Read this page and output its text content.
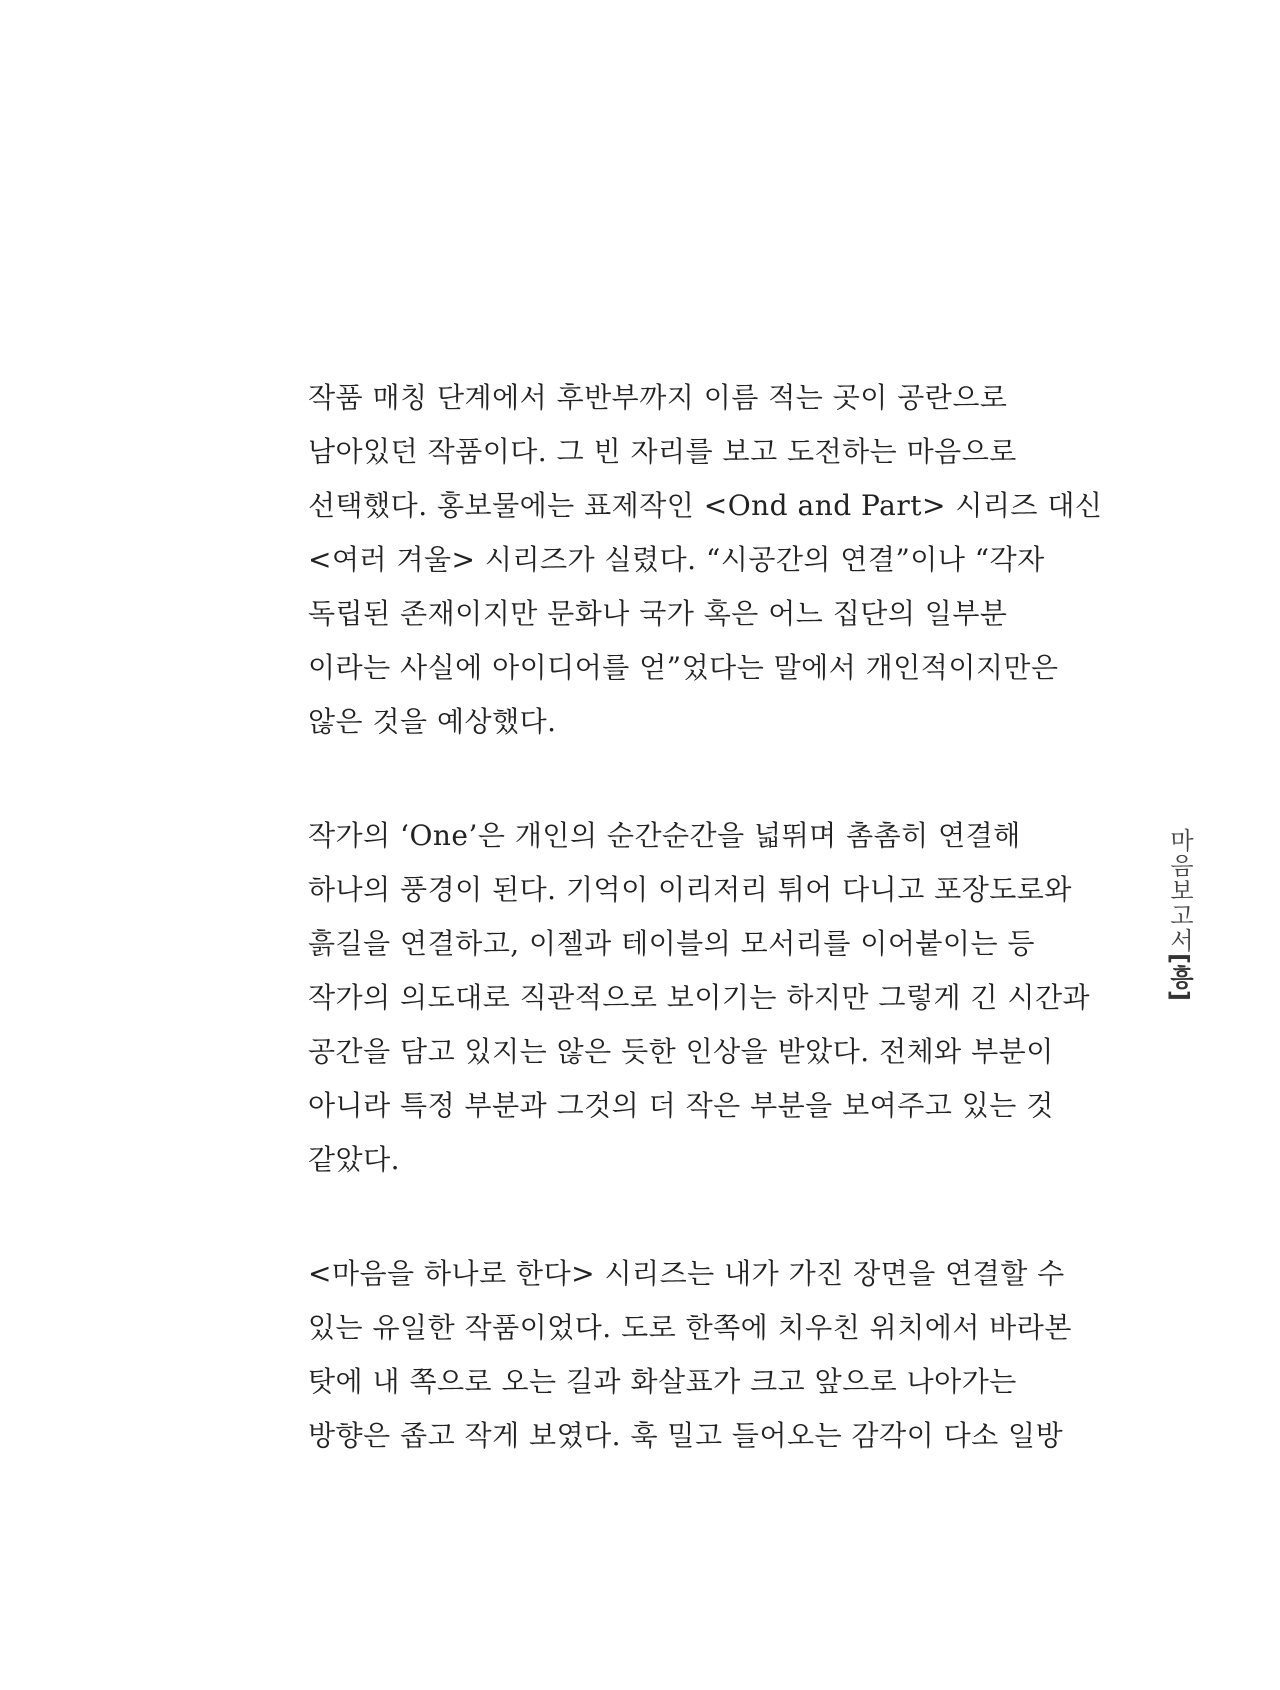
작품 매칭 단계에서 후반부까지 이름 적는 곳이 공란으로
남아있던 작품이다. 그 빈 자리를 보고 도전하는 마음으로
선택했다. 홍보물에는 표제작인 <Ond and Part> 시리즈 대신
<여러 겨울> 시리즈가 실렸다. “시공간의 연결”이나 “각자
독립된 존재이지만 문화나 국가 혹은 어느 집단의 일부분
이라는 사실에 아이디어를 얻”었다는 말에서 개인적이지만은
않은 것을 예상했다.
작가의 ‘One’은 개인의 순간순간을 넓뛰며 촘촘히 연결해
하나의 풍경이 된다. 기억이 이리저리 튀어 다니고 포장도로와
흙길을 연결하고, 이젤과 테이블의 모서리를 이어붙이는 등
작가의 의도대로 직관적으로 보이기는 하지만 그렇게 긴 시간과
공간을 담고 있지는 않은 듯한 인상을 받았다. 전체와 부분이
아니라 특정 부분과 그것의 더 작은 부분을 보여주고 있는 것
같았다.
<마음을 하나로 한다> 시리즈는 내가 가진 장면을 연결할 수
있는 유일한 작품이었다. 도로 한쪽에 치우친 위치에서 바라본
탓에 내 쪽으로 오는 길과 화살표가 크고 앞으로 나아가는
방향은 좁고 작게 보였다. 훅 밀고 들어오는 감각이 다소 일방
마음보고서[흥]
